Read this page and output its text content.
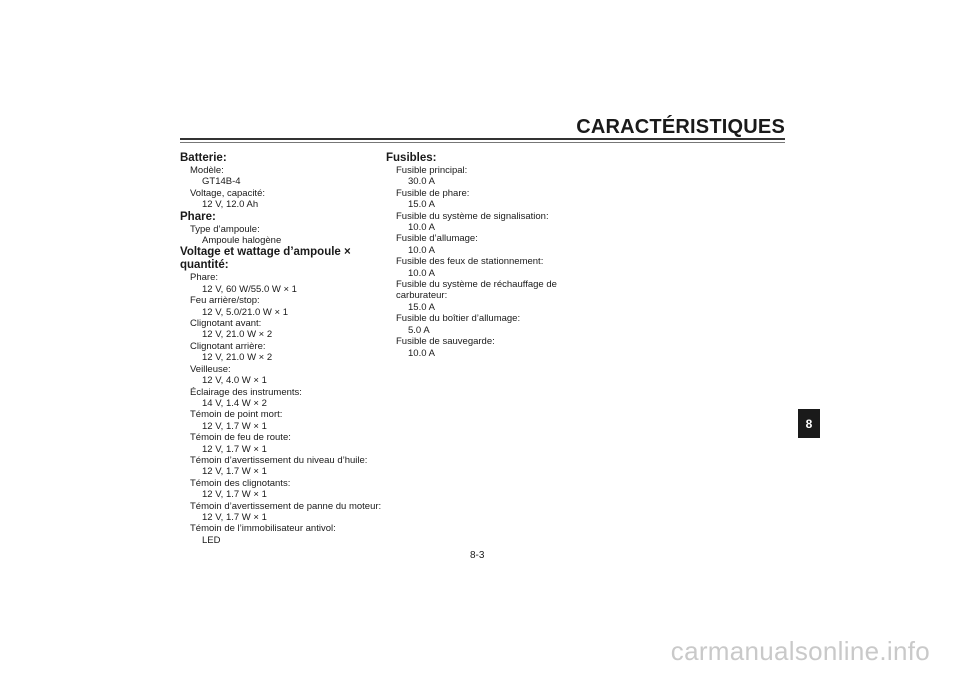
CARACTÉRISTIQUES
Batterie:
Modèle:
GT14B-4
Voltage, capacité:
12 V, 12.0 Ah
Phare:
Type d’ampoule:
Ampoule halogène
Voltage et wattage d’ampoule × quantité:
Phare:
12 V, 60 W/55.0 W × 1
Feu arrière/stop:
12 V, 5.0/21.0 W × 1
Clignotant avant:
12 V, 21.0 W × 2
Clignotant arrière:
12 V, 21.0 W × 2
Veilleuse:
12 V, 4.0 W × 1
Éclairage des instruments:
14 V, 1.4 W × 2
Témoin de point mort:
12 V, 1.7 W × 1
Témoin de feu de route:
12 V, 1.7 W × 1
Témoin d’avertissement du niveau d’huile:
12 V, 1.7 W × 1
Témoin des clignotants:
12 V, 1.7 W × 1
Témoin d’avertissement de panne du moteur:
12 V, 1.7 W × 1
Témoin de l’immobilisateur antivol:
LED
Fusibles:
Fusible principal:
30.0 A
Fusible de phare:
15.0 A
Fusible du système de signalisation:
10.0 A
Fusible d’allumage:
10.0 A
Fusible des feux de stationnement:
10.0 A
Fusible du système de réchauffage de
carburateur:
15.0 A
Fusible du boîtier d’allumage:
5.0 A
Fusible de sauvegarde:
10.0 A
8
8-3
carmanualsonline.info
